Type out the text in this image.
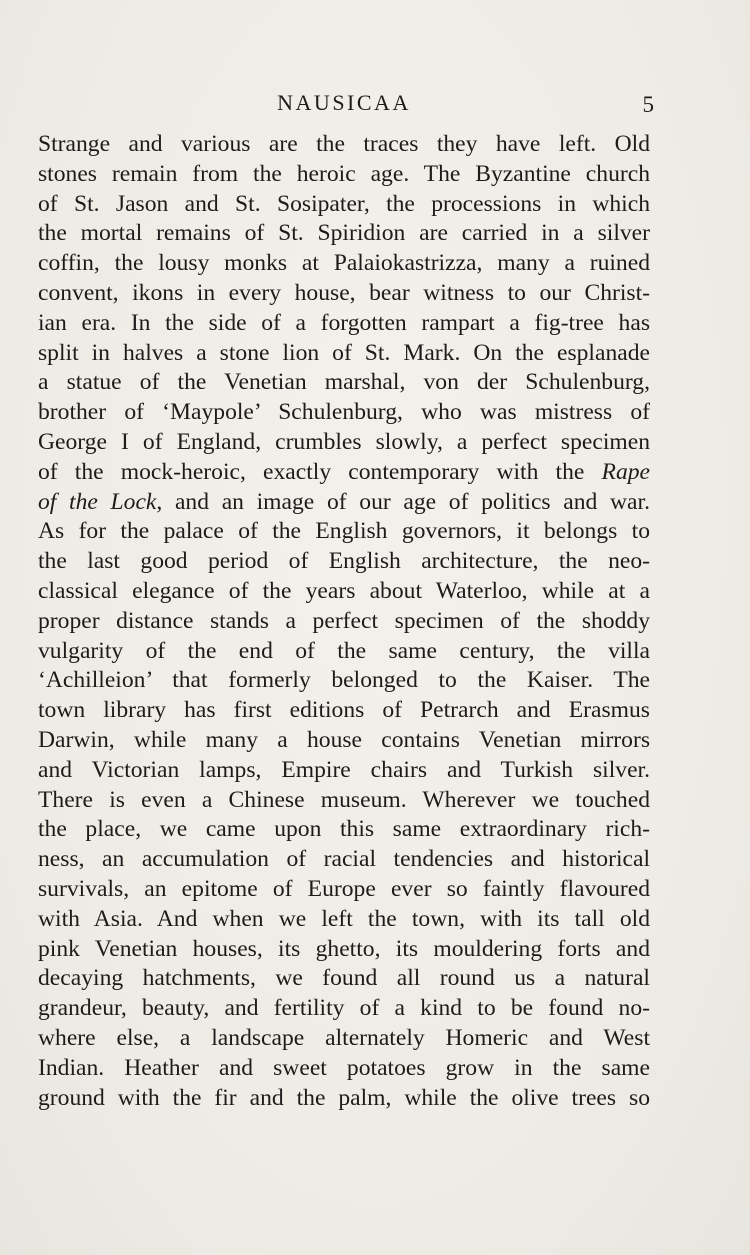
NAUSICAA	5
Strange and various are the traces they have left. Old
stones remain from the heroic age. The Byzantine church
of St. Jason and St. Sosipater, the processions in which
the mortal remains of St. Spiridion are carried in a silver
coffin, the lousy monks at Palaiokastrizza, many a ruined
convent, ikons in every house, bear witness to our Christ-
ian era. In the side of a forgotten rampart a fig-tree has
split in halves a stone lion of St. Mark. On the esplanade
a statue of the Venetian marshal, von der Schulenburg,
brother of ‘Maypole’ Schulenburg, who was mistress of
George I of England, crumbles slowly, a perfect specimen
of the mock-heroic, exactly contemporary with the Rape
of the Lock, and an image of our age of politics and war.
As for the palace of the English governors, it belongs to
the last good period of English architecture, the neo-
classical elegance of the years about Waterloo, while at a
proper distance stands a perfect specimen of the shoddy
vulgarity of the end of the same century, the villa
‘Achilleion’ that formerly belonged to the Kaiser. The
town library has first editions of Petrarch and Erasmus
Darwin, while many a house contains Venetian mirrors
and Victorian lamps, Empire chairs and Turkish silver.
There is even a Chinese museum. Wherever we touched
the place, we came upon this same extraordinary rich-
ness, an accumulation of racial tendencies and historical
survivals, an epitome of Europe ever so faintly flavoured
with Asia. And when we left the town, with its tall old
pink Venetian houses, its ghetto, its mouldering forts and
decaying hatchments, we found all round us a natural
grandeur, beauty, and fertility of a kind to be found no-
where else, a landscape alternately Homeric and West
Indian. Heather and sweet potatoes grow in the same
ground with the fir and the palm, while the olive trees so
